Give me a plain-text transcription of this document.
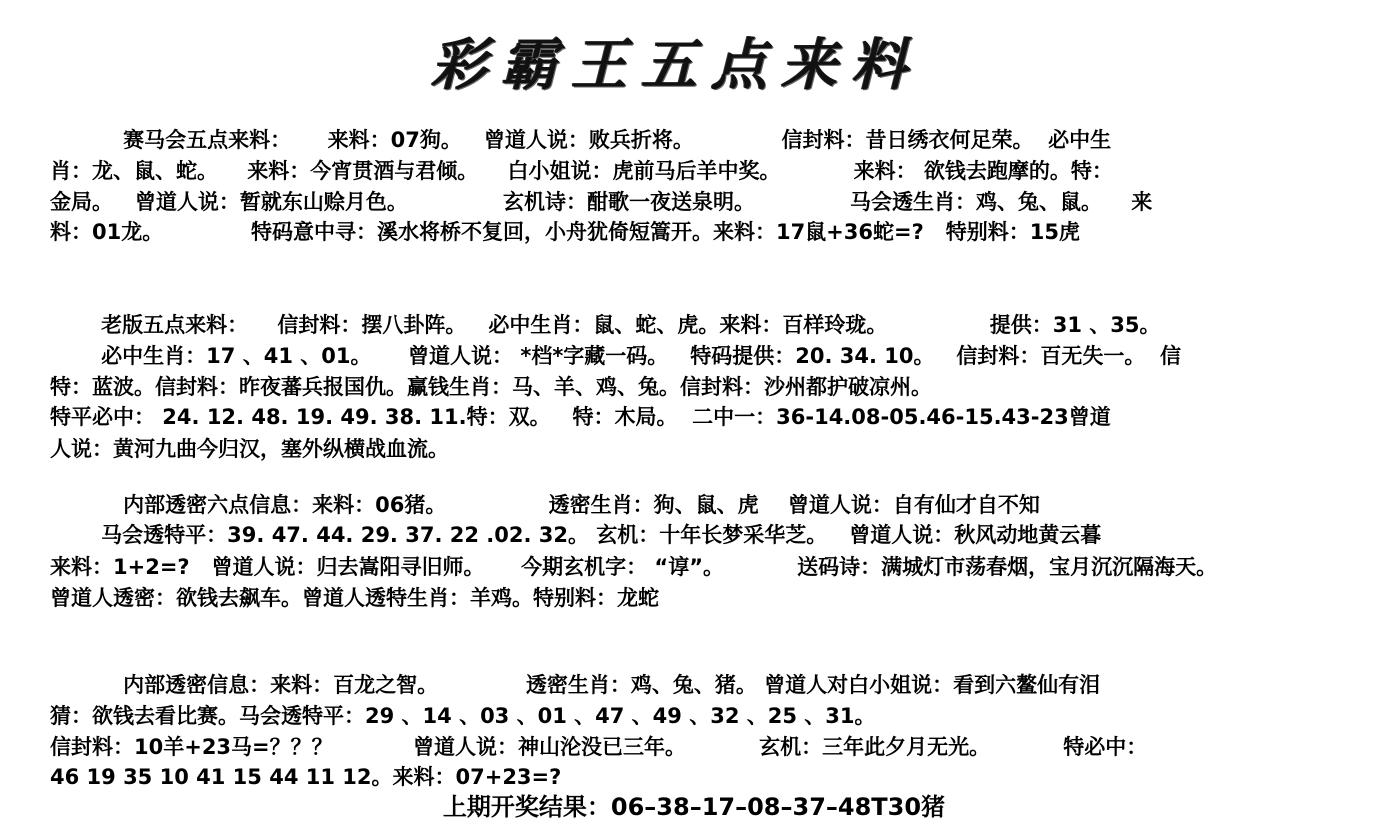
彩霸王五点来料
赛马会五点来料：     来料：07狗。   曾道人说：败兵折将。            信封料：昔日绣衣何足荣。  必中生
肖：龙、鼠、蛇。    来料：今宵贯酒与君倾。    白小姐说：虎前马后羊中奖。          来料： 欲钱去跑摩的。特：
金局。   曾道人说：暂就东山赊月色。             玄机诗：酣歌一夜送泉明。             马会透生肖：鸡、兔、鼠。    来
料：01龙。            特码意中寻：溪水将桥不复回，小舟犹倚短篙开。来料：17鼠+36蛇=?   特别料：15虎
老版五点来料：    信封料：摆八卦阵。   必中生肖：鼠、蛇、虎。来料：百样玲珑。              提供：31 、35。
必中生肖：17 、41 、01。     曾道人说： *档*字藏一码。   特码提供：20. 34. 10。   信封料：百无失一。  信
特：蓝波。信封料：昨夜蕃兵报国仇。赢钱生肖：马、羊、鸡、兔。信封料：沙州都护破凉州。
特平必中： 24. 12. 48. 19. 49. 38. 11.特：双。   特：木局。  二中一：36-14.08-05.46-15.43-23曾道
人说：黄河九曲今归汉，塞外纵横战血流。
内部透密六点信息：来料：06猪。              透密生肖：狗、鼠、虎    曾道人说：自有仙才自不知
马会透特平：39. 47. 44. 29. 37. 22 .02. 32。 玄机：十年长梦采华芝。   曾道人说：秋风动地黄云暮
来料：1+2=?   曾道人说：归去嵩阳寻旧师。     今期玄机字： “谆”。          送码诗：满城灯市荡春烟，宝月沉沉隔海天。
曾道人透密：欲钱去飙车。曾道人透特生肖：羊鸡。特别料：龙蛇
内部透密信息：来料：百龙之智。            透密生肖：鸡、兔、猪。 曾道人对白小姐说：看到六鳌仙有泪
猜：欲钱去看比赛。马会透特平：29 、14 、03 、01 、47 、49 、32 、25 、31。
信封料：10羊+23马=？？？           曾道人说：神山沦没已三年。          玄机：三年此夕月无光。          特必中：
46 19 35 10 41 15 44 11 12。来料：07+23=?
上期开奖结果：06–38–17–08–37–48T30猪
